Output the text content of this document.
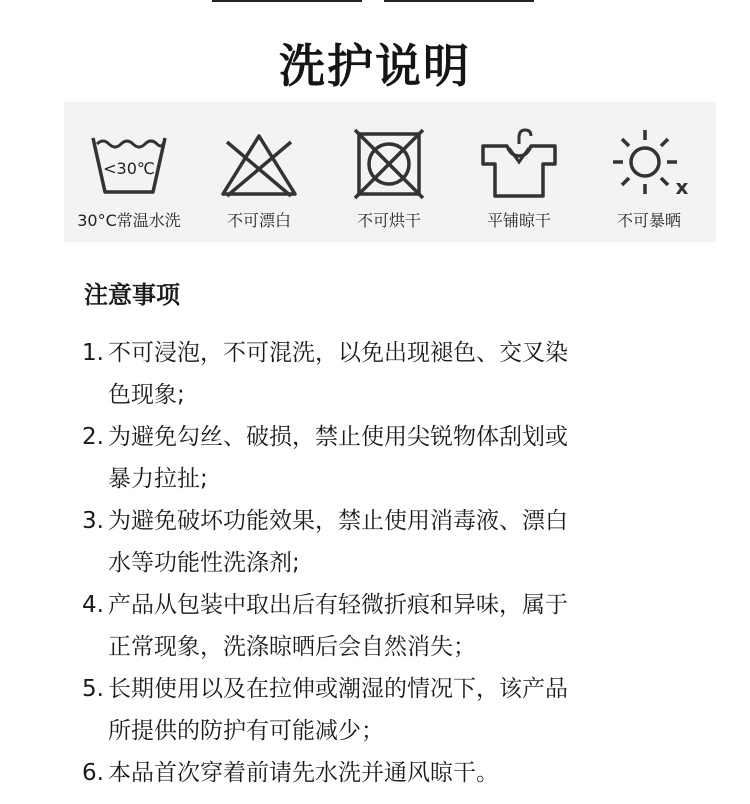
洗护说明
<30℃
30°C常温水洗	不可漂白	不可烘干	平铺晾干
x
不可暴晒
注意事项
1. 不可浸泡，不可混洗，以免出现褪色、交叉染
色现象;
2. 为避免勾丝、破损，禁止使用尖锐物体刮划或
暴力拉扯;
3. 为避免破坏功能效果，禁止使用消毒液、漂白
水等功能性洗涤剂;
4. 产品从包装中取出后有轻微折痕和异味，属于
正常现象，洗涤晾晒后会自然消失；
5. 长期使用以及在拉伸或潮湿的情况下，该产品
所提供的防护有可能减少；
6. 本品首次穿着前请先水洗并通风晾干。
